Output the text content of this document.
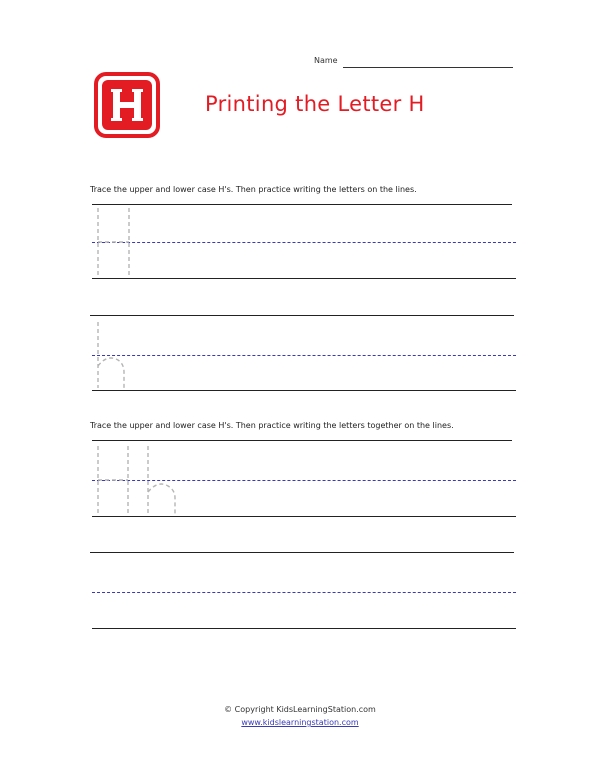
Name
Printing the Letter H
Trace the upper and lower case H's. Then practice writing the letters on the lines.
Trace the upper and lower case H's. Then practice writing the letters together on the lines.
© Copyright KidsLearningStation.com
www.kidslearningstation.com
